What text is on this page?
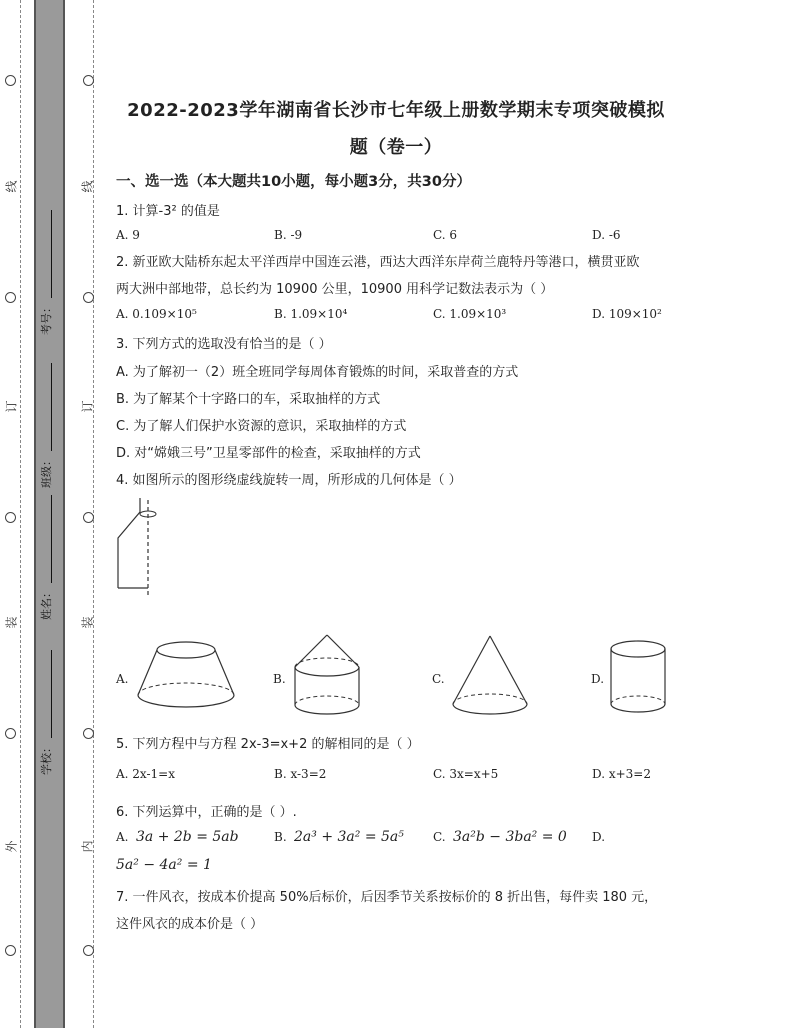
线
订
装
外
线
订
装
内
考号：
班级：
姓名：
学校：
2022-2023学年湖南省长沙市七年级上册数学期末专项突破模拟
题（卷一）
一、选一选（本大题共10小题，每小题3分，共30分）
1. 计算-3² 的值是
A. 9	B. -9	C. 6	D. -6
2. 新亚欧大陆桥东起太平洋西岸中国连云港，西达大西洋东岸荷兰鹿特丹等港口，横贯亚欧
两大洲中部地带，总长约为 10900 公里，10900 用科学记数法表示为（ ）
A. 0.109×10⁵	B. 1.09×10⁴	C. 1.09×10³	D. 109×10²
3. 下列方式的选取没有恰当的是（ ）
A. 为了解初一（2）班全班同学每周体育锻炼的时间，采取普查的方式
B. 为了解某个十字路口的车，采取抽样的方式
C. 为了解人们保护水资源的意识，采取抽样的方式
D. 对“嫦娥三号”卫星零部件的检查，采取抽样的方式
4. 如图所示的图形绕虚线旋转一周，所形成的几何体是（ ）
A.	B.	C.	D.
5. 下列方程中与方程 2x-3=x+2 的解相同的是（ ）
A. 2x-1=x	B. x-3=2	C. 3x=x+5	D. x+3=2
6. 下列运算中，正确的是（ ）.
A. 3a + 2b = 5ab	B. 2a³ + 3a² = 5a⁵ C. 3a²b − 3ba² = 0 D.
5a² − 4a² = 1
7. 一件风衣，按成本价提高 50%后标价，后因季节关系按标价的 8 折出售，每件卖 180 元，
这件风衣的成本价是（ ）
